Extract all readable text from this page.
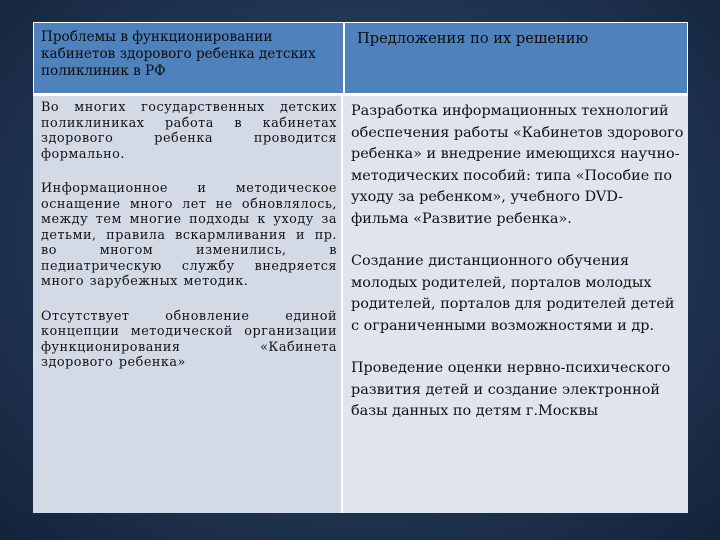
Проблемы в функционировании кабинетов здорового ребенка детских поликлиник в РФ
Предложения по их решению

Во многих государственных детских поликлиниках работа в кабинетах здорового ребенка проводится формально.

Информационное и методическое оснащение много лет не обновлялось, между тем многие подходы к уходу за детьми, правила вскармливания и пр. во многом изменились, в педиатрическую службу внедряется много зарубежных методик.

Отсутствует обновление единой концепции методической организации функционирования «Кабинета здорового ребенка»

Разработка информационных технологий обеспечения работы «Кабинетов здорового ребенка» и внедрение имеющихся научно-методических пособий: типа «Пособие по уходу за ребенком», учебного DVD- фильма «Развитие ребенка».

Создание дистанционного обучения молодых родителей, порталов молодых родителей, порталов для родителей детей с ограниченными возможностями и др.

Проведение оценки нервно-психического развития детей и создание электронной базы данных по детям г.Москвы
